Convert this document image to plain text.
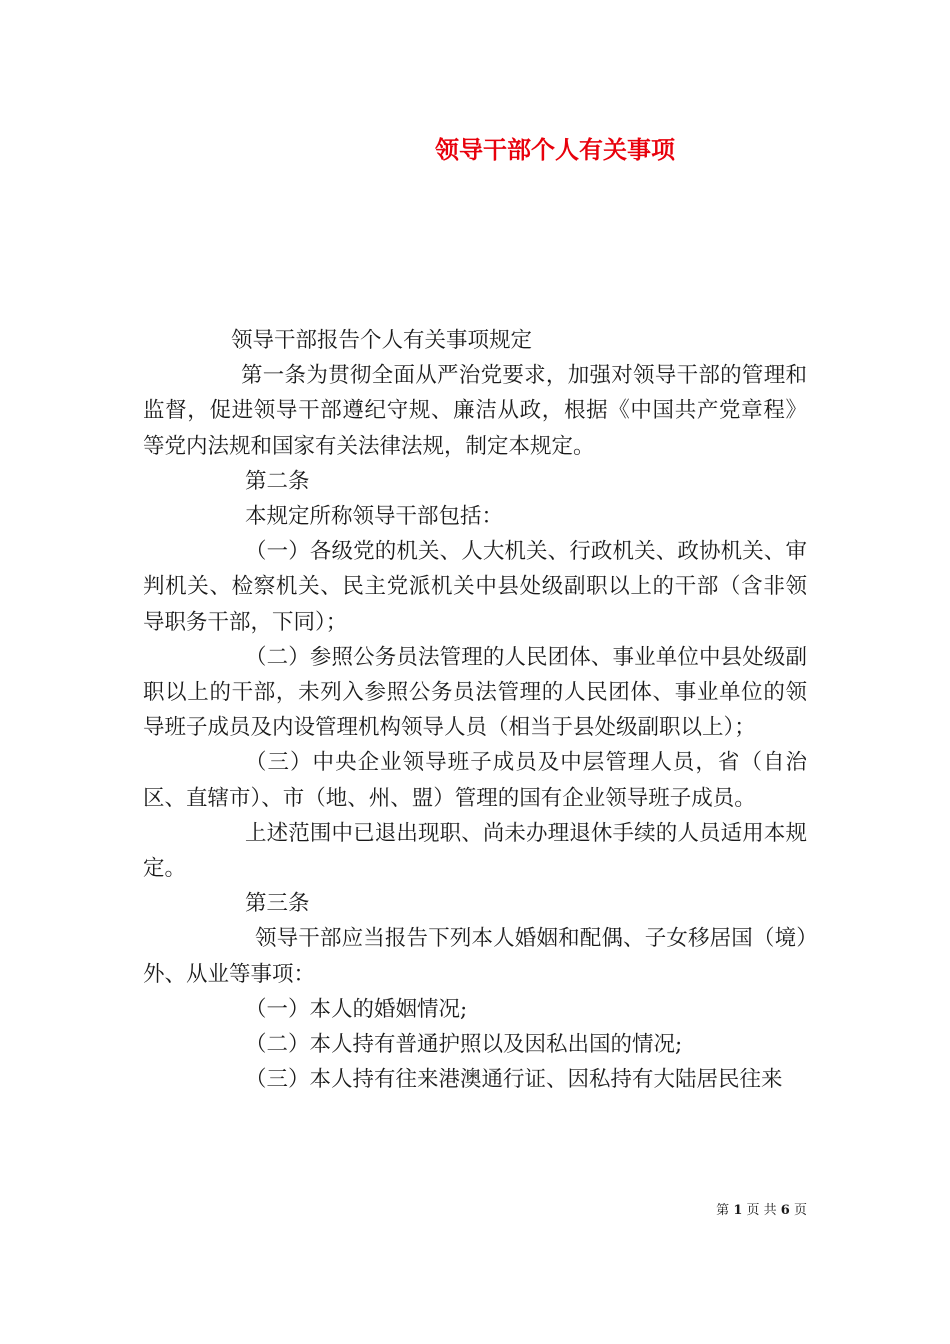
领导干部个人有关事项

领导干部报告个人有关事项规定

第一条为贯彻全面从严治党要求，加强对领导干部的管理和监督，促进领导干部遵纪守规、廉洁从政，根据《中国共产党章程》等党内法规和国家有关法律法规，制定本规定。

第二条

本规定所称领导干部包括：

（一）各级党的机关、人大机关、行政机关、政协机关、审判机关、检察机关、民主党派机关中县处级副职以上的干部（含非领导职务干部，下同）；

（二）参照公务员法管理的人民团体、事业单位中县处级副职以上的干部，未列入参照公务员法管理的人民团体、事业单位的领导班子成员及内设管理机构领导人员（相当于县处级副职以上）；

（三）中央企业领导班子成员及中层管理人员，省（自治区、直辖市）、市（地、州、盟）管理的国有企业领导班子成员。

上述范围中已退出现职、尚未办理退休手续的人员适用本规定。

第三条

领导干部应当报告下列本人婚姻和配偶、子女移居国（境）外、从业等事项：

（一）本人的婚姻情况;

（二）本人持有普通护照以及因私出国的情况;

（三）本人持有往来港澳通行证、因私持有大陆居民往来

第 1 页 共 6 页
